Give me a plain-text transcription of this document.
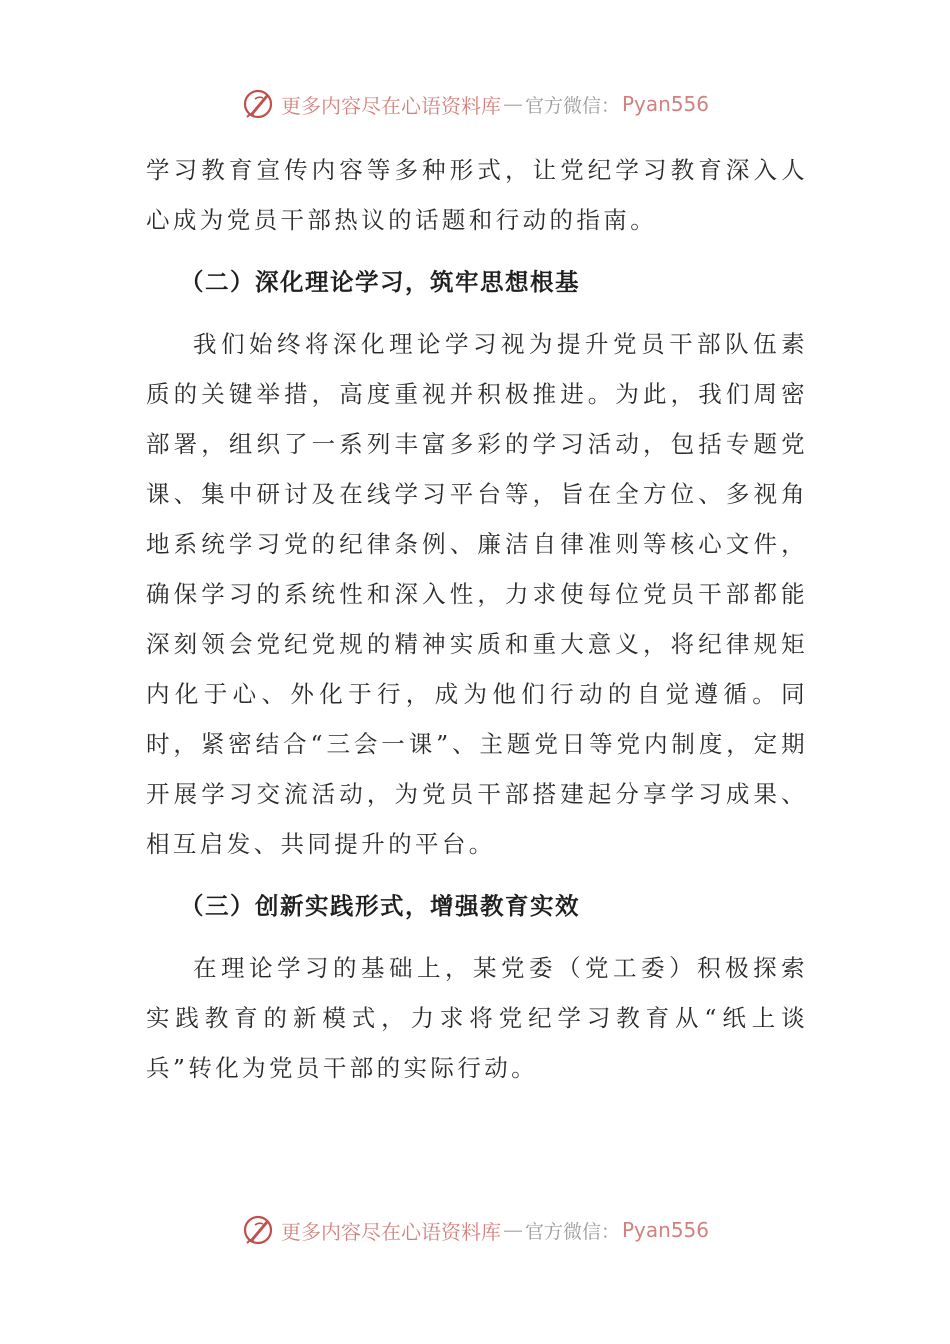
更多内容尽在心语资料库 — 官方微信： Pyan556

学习教育宣传内容等多种形式，让党纪学习教育深入人心成为党员干部热议的话题和行动的指南。

（二）深化理论学习，筑牢思想根基

我们始终将深化理论学习视为提升党员干部队伍素质的关键举措，高度重视并积极推进。为此，我们周密部署，组织了一系列丰富多彩的学习活动，包括专题党课、集中研讨及在线学习平台等，旨在全方位、多视角地系统学习党的纪律条例、廉洁自律准则等核心文件，确保学习的系统性和深入性，力求使每位党员干部都能深刻领会党纪党规的精神实质和重大意义，将纪律规矩内化于心、外化于行，成为他们行动的自觉遵循。同时，紧密结合“三会一课”、主题党日等党内制度，定期开展学习交流活动，为党员干部搭建起分享学习成果、相互启发、共同提升的平台。

（三）创新实践形式，增强教育实效

在理论学习的基础上，某党委（党工委）积极探索实践教育的新模式，力求将党纪学习教育从“纸上谈兵”转化为党员干部的实际行动。

更多内容尽在心语资料库 — 官方微信： Pyan556
